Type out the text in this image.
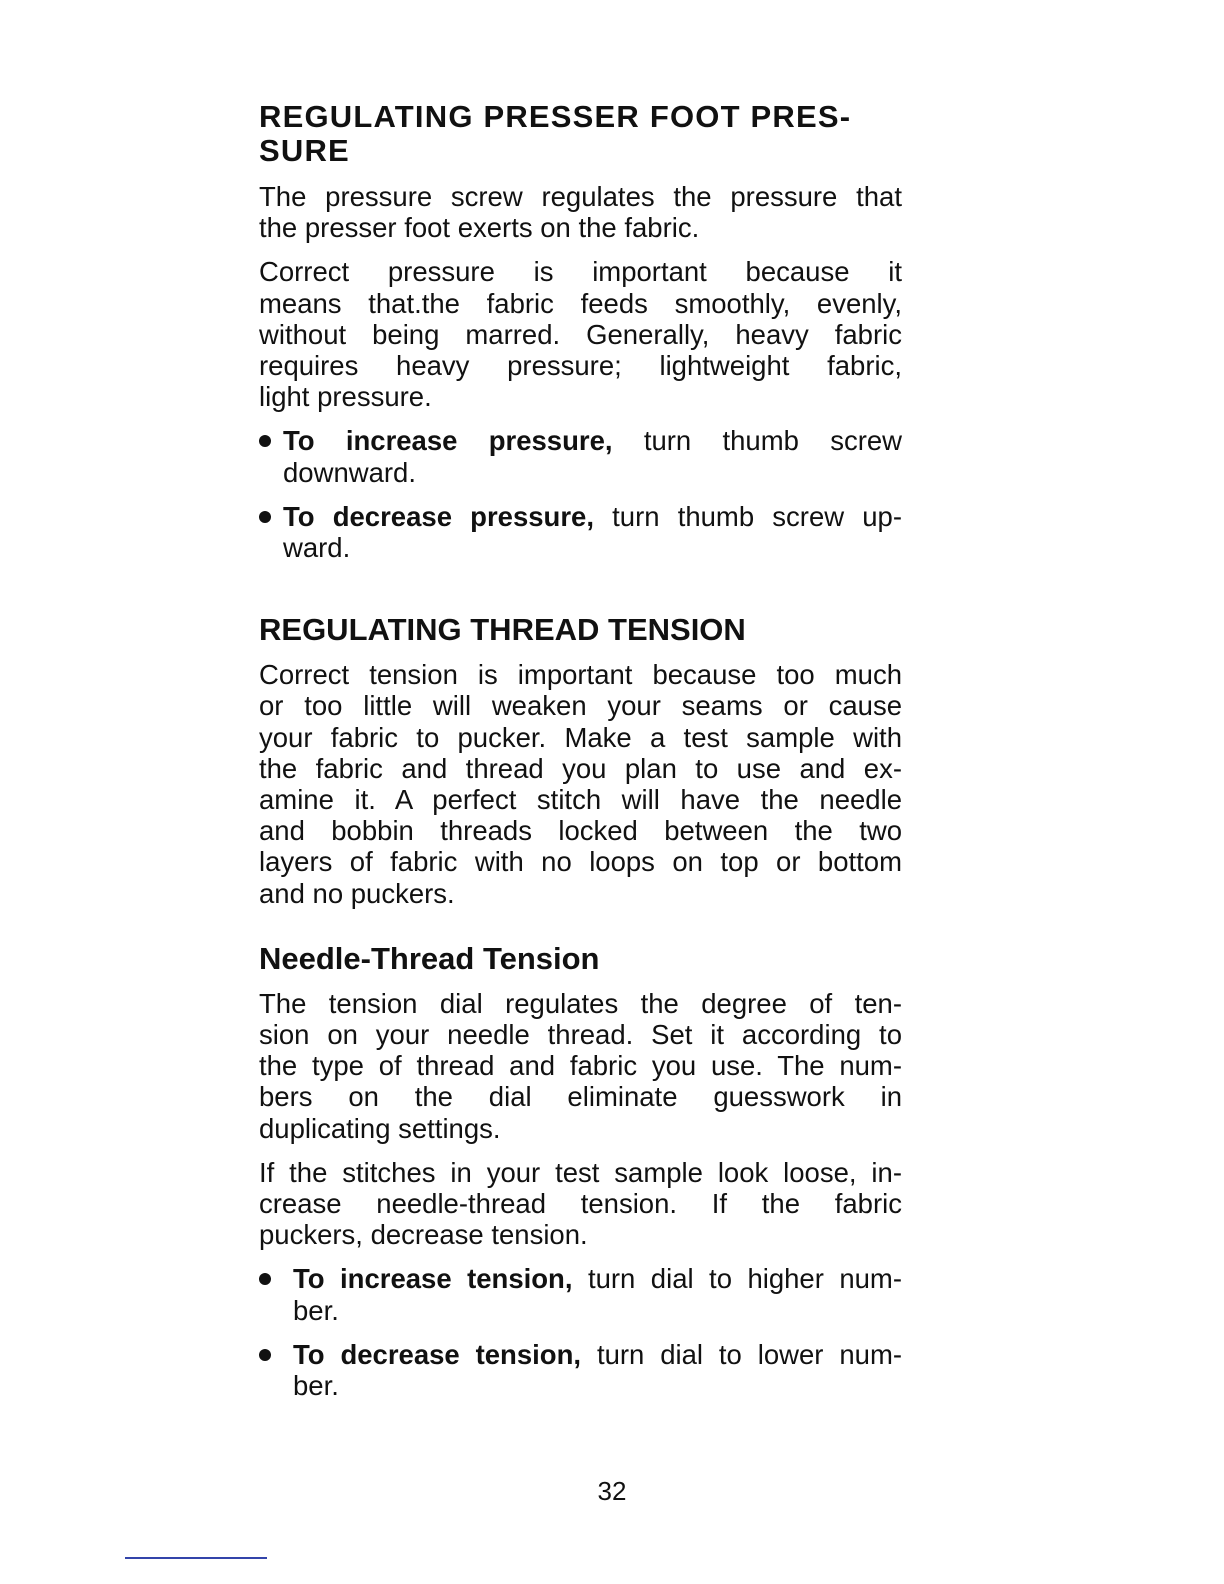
REGULATING PRESSER FOOT PRES-
SURE
The pressure screw regulates the pressure that
the presser foot exerts on the fabric.
Correct pressure is important because it
means that.the fabric feeds smoothly, evenly,
without being marred. Generally, heavy fabric
requires heavy pressure; lightweight fabric,
light pressure.
To increase pressure, turn thumb screw
downward.
To decrease pressure, turn thumb screw up-
ward.
REGULATING THREAD TENSION
Correct tension is important because too much
or too little will weaken your seams or cause
your fabric to pucker. Make a test sample with
the fabric and thread you plan to use and ex-
amine it. A perfect stitch will have the needle
and bobbin threads locked between the two
layers of fabric with no loops on top or bottom
and no puckers.
Needle-Thread Tension
The tension dial regulates the degree of ten-
sion on your needle thread. Set it according to
the type of thread and fabric you use. The num-
bers on the dial eliminate guesswork in
duplicating settings.
If the stitches in your test sample look loose, in-
crease needle-thread tension. If the fabric
puckers, decrease tension.
To increase tension, turn dial to higher num-
ber.
To decrease tension, turn dial to lower num-
ber.
32
